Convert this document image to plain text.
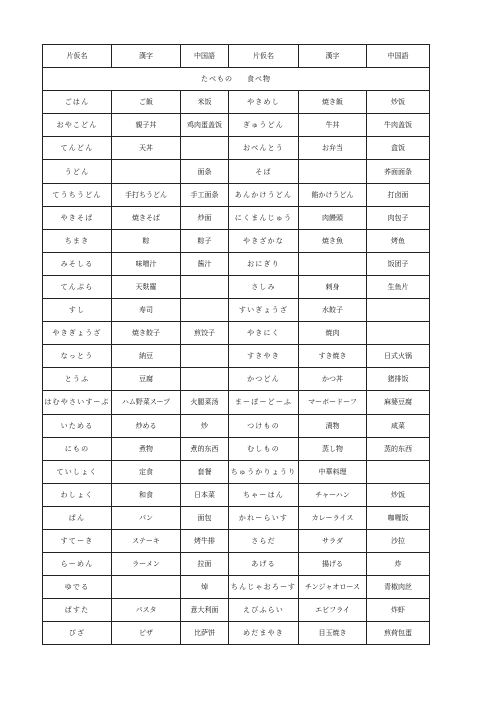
片仮名	漢字	中国語	片仮名	漢字	中国語
たべもの 食べ物					
ごはん	ご飯	米饭	やきめし	焼き飯	炒饭
おやこどん	親子丼	鸡肉蛋盖饭	ぎゅうどん	牛丼	牛肉盖饭
てんどん	天丼		おべんとう	お弁当	盒饭
うどん		面条	そば		荞面面条
てうちうどん	手打ちうどん	手工面条	あんかけうどん	餡かけうどん	打卤面
やきそば	焼きそば	炒面	にくまんじゅう	肉饅頭	肉包子
ちまき	粽	粽子	やきざかな	焼き魚	烤鱼
みそしる	味噌汁	酱汁	おにぎり		饭团子
てんぷら	天麩羅		さしみ	刺身	生鱼片
すし	寿司		すいぎょうざ	水餃子	
やきぎょうざ	焼き餃子	煎饺子	やきにく	焼肉	
なっとう	納豆		すきやき	すき焼き	日式火锅
とうふ	豆腐		かつどん	かつ丼	猪排饭
はむやさいすーぷ	ハム野菜スープ	火腿菜汤	まーぼーどーふ	マーボードーフ	麻婆豆腐
いためる	炒める	炒	つけもの	漬物	咸菜
にもの	煮物	煮的东西	むしもの	蒸し物	蒸的东西
ていしょく	定食	套餐	ちゅうかりょうり	中華料理	
わしょく	和食	日本菜	ちゃーはん	チャーハン	炒饭
ぱん	パン	面包	かれーらいす	カレーライス	咖喱饭
すてーき	ステーキ	烤牛排	さらだ	サラダ	沙拉
らーめん	ラーメン	拉面	あげる	揚げる	炸
ゆでる		焯	ちんじゃおろーす	チンジャオロース	青椒肉丝
ぱすた	パスタ	意大利面	えびふらい	エビフライ	炸虾
ぴざ	ピザ	比萨饼	めだまやき	目玉焼き	煎荷包蛋
